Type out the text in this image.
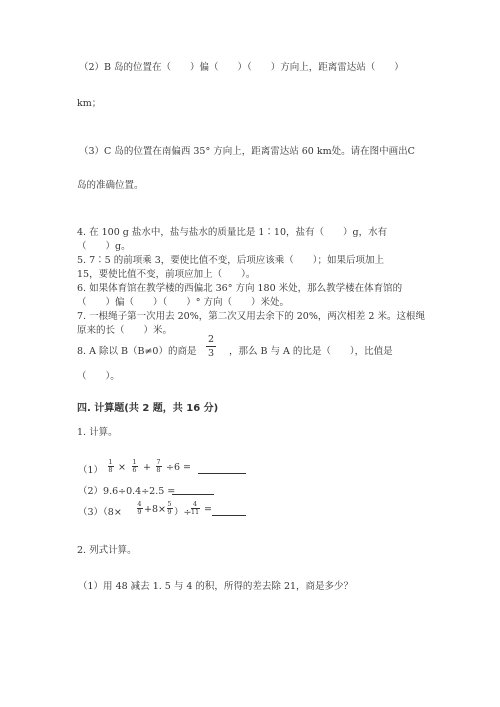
（2）B 岛的位置在（　　）偏（　　）（　　）方向上，距离雷达站（　　）
km；
（3）C 岛的位置在南偏西 35° 方向上，距离雷达站 60 km处。请在图中画出C
岛的准确位置。
4. 在 100 g 盐水中，盐与盐水的质量比是 1∶10，盐有（　　）g，水有
（　　）g。
5. 7∶5 的前项乘 3，要使比值不变，后项应该乘（　　）；如果后项加上
15，要使比值不变，前项应加上（　　）。
6. 如果体育馆在教学楼的西偏北 36° 方向 180 米处，那么教学楼在体育馆的
（　　）偏（　　）（　　）° 方向（　　）米处。
7. 一根绳子第一次用去 20%，第二次又用去余下的 20%，两次相差 2 米。这根绳
原来的长（　　）米。
8. A 除以 B（B≠0）的商是
2
3	，那么 B 与 A 的比是（　　），比值是
（　　）。
四. 计算题(共 2 题，共 16 分)
1. 计算。
（1）
1
8 × 1
6 + 7
8 ÷6 =
（2）9.6÷0.4÷2.5 =
（3）（8×
4
9 +8× 5
9 ）÷
4
11 =
2. 列式计算。
（1）用 48 减去 1. 5 与 4 的积，所得的差去除 21，商是多少？
